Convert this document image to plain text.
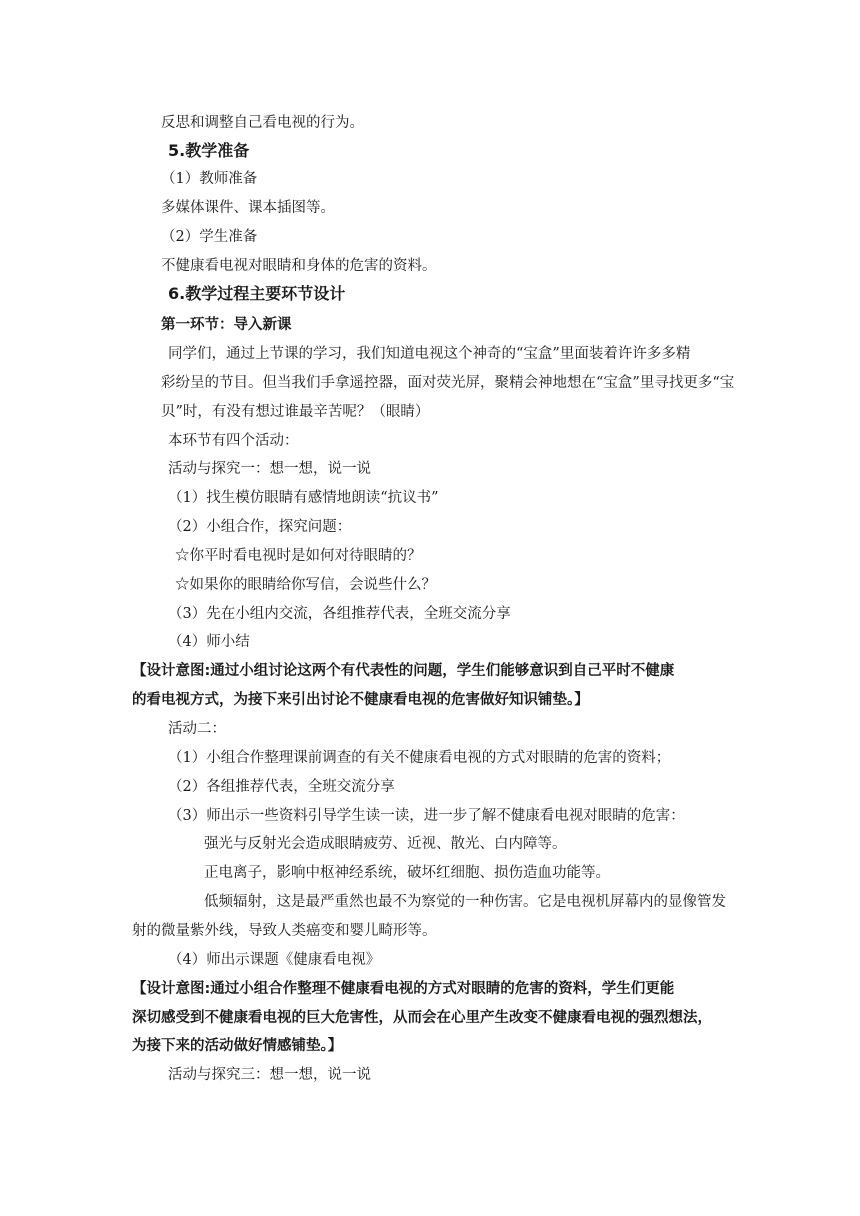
反思和调整自己看电视的行为。

5.教学准备

（1）教师准备

多媒体课件、课本插图等。

（2）学生准备

不健康看电视对眼睛和身体的危害的资料。

6.教学过程主要环节设计

第一环节：导入新课

同学们，通过上节课的学习，我们知道电视这个神奇的“宝盒”里面装着许许多多精

彩纷呈的节目。但当我们手拿遥控器，面对荧光屏，聚精会神地想在“宝盒”里寻找更多“宝

贝”时，有没有想过谁最辛苦呢？（眼睛）

本环节有四个活动：

活动与探究一：想一想，说一说

（1）找生模仿眼睛有感情地朗读“抗议书”

（2）小组合作，探究问题：

☆你平时看电视时是如何对待眼睛的？

☆如果你的眼睛给你写信，会说些什么？

（3）先在小组内交流，各组推荐代表，全班交流分享

（4）师小结

【设计意图:通过小组讨论这两个有代表性的问题，学生们能够意识到自己平时不健康

的看电视方式，为接下来引出讨论不健康看电视的危害做好知识铺垫。】

活动二：

（1）小组合作整理课前调查的有关不健康看电视的方式对眼睛的危害的资料；

（2）各组推荐代表，全班交流分享

（3）师出示一些资料引导学生读一读，进一步了解不健康看电视对眼睛的危害：

强光与反射光会造成眼睛疲劳、近视、散光、白内障等。

正电离子，影响中枢神经系统，破坏红细胞、损伤造血功能等。

低频辐射，这是最严重然也最不为察觉的一种伤害。它是电视机屏幕内的显像管发

射的微量紫外线，导致人类癌变和婴儿畸形等。

（4）师出示课题《健康看电视》

【设计意图:通过小组合作整理不健康看电视的方式对眼睛的危害的资料，学生们更能

深切感受到不健康看电视的巨大危害性，从而会在心里产生改变不健康看电视的强烈想法，

为接下来的活动做好情感铺垫。】

活动与探究三：想一想，说一说
